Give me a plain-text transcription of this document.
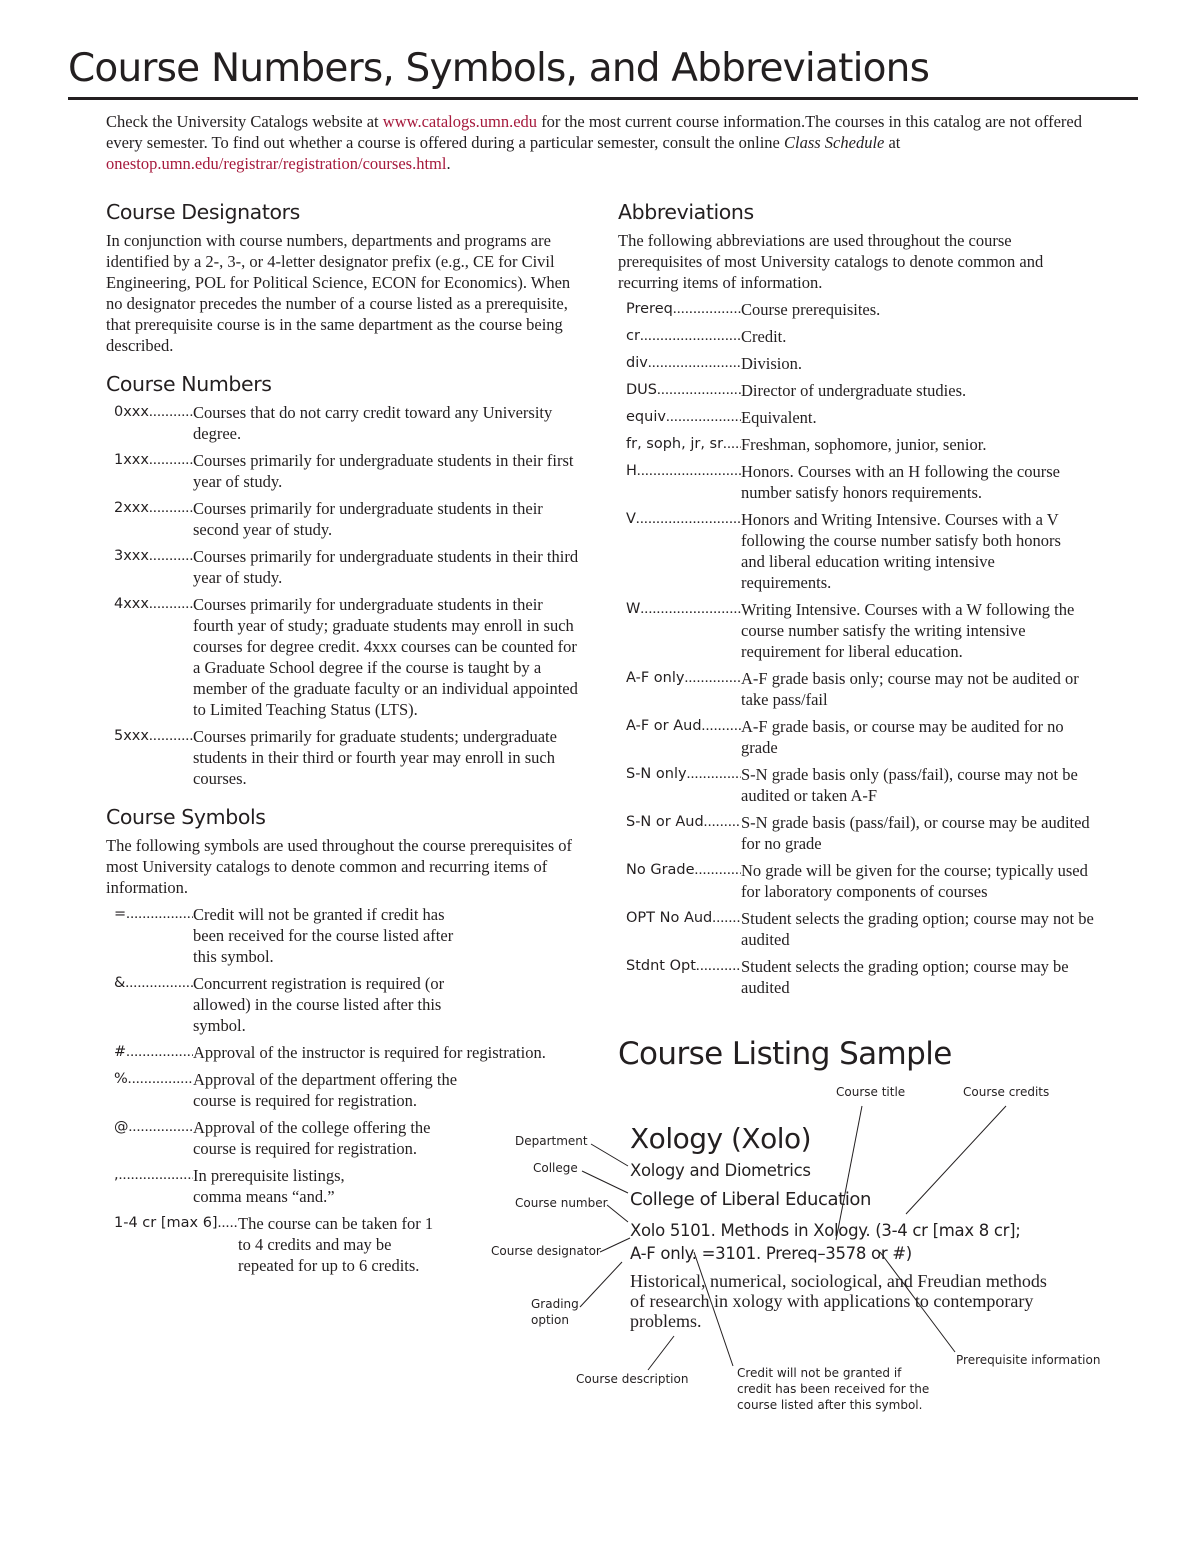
Course Numbers, Symbols, and Abbreviations

Check the University Catalogs website at www.catalogs.umn.edu for the most current course information.The courses in this catalog are not offered every semester. To find out whether a course is offered during a particular semester, consult the online Class Schedule at onestop.umn.edu/registrar/registration/courses.html.

Course Designators

In conjunction with course numbers, departments and programs are identified by a 2-, 3-, or 4-letter designator prefix (e.g., CE for Civil Engineering, POL for Political Science, ECON for Economics). When no designator precedes the number of a course listed as a prerequisite, that prerequisite course is in the same department as the course being described.

Course Numbers
0xxx .....	Courses that do not carry credit toward any University degree.
1xxx .....	Courses primarily for undergraduate students in their first year of study.
2xxx .....	Courses primarily for undergraduate students in their second year of study.
3xxx .....	Courses primarily for undergraduate students in their third year of study.
4xxx .....	Courses primarily for undergraduate students in their fourth year of study; graduate students may enroll in such courses for degree credit. 4xxx courses can be counted for a Graduate School degree if the course is taught by a member of the graduate faculty or an individual appointed to Limited Teaching Status (LTS).
5xxx .....	Courses primarily for graduate students; undergraduate students in their third or fourth year may enroll in such courses.
Course Symbols

The following symbols are used throughout the course prerequisites of most University catalogs to denote common and recurring items of information.

= .....	Credit will not be granted if credit has been received for the course listed after this symbol.
& .....	Concurrent registration is required (or allowed) in the course listed after this symbol.
# .....	Approval of the instructor is required for registration.
% .....	Approval of the department offering the course is required for registration.
@ .....	Approval of the college offering the course is required for registration.
, .....	In prerequisite listings, comma means “and.”
1-4 cr [max 6] .....	The course can be taken for 1 to 4 credits and may be repeated for up to 6 credits.
Abbreviations

The following abbreviations are used throughout the course prerequisites of most University catalogs to denote common and recurring items of information.

Prereq .....	Course prerequisites.
cr .....	Credit.
div .....	Division.
DUS .....	Director of undergraduate studies.
equiv .....	Equivalent.
fr, soph, jr, sr .....	Freshman, sophomore, junior, senior.
H .....	Honors. Courses with an H following the course number satisfy honors requirements.
V .....	Honors and Writing Intensive. Courses with a V following the course number satisfy both honors and liberal education writing intensive requirements.
W .....	Writing Intensive. Courses with a W following the course number satisfy the writing intensive requirement for liberal education.
A-F only .....	A-F grade basis only; course may not be audited or take pass/fail
A-F or Aud .....	A-F grade basis, or course may be audited for no grade
S-N only .....	S-N grade basis only (pass/fail), course may not be audited or taken A-F
S-N or Aud .....	S-N grade basis (pass/fail), or course may be audited for no grade
No Grade .....	No grade will be given for the course; typically used for laboratory components of courses
OPT No Aud .....	Student selects the grading option; course may not be audited
Stdnt Opt .....	Student selects the grading option; course may be audited
Course Listing Sample
Course title	Course credits
Department
College
Course number
Course designator
Grading option
Prerequisite information
Course description	Credit will not be granted if credit has been received for the course listed after this symbol.
Xology (Xolo)
Xology and Diometrics
College of Liberal Education
Xolo 5101. Methods in Xology. (3-4 cr [max 8 cr];
A-F only. =3101. Prereq–3578 or #)
Historical, numerical, sociological, and Freudian methods of research in xology with applications to contemporary problems.
